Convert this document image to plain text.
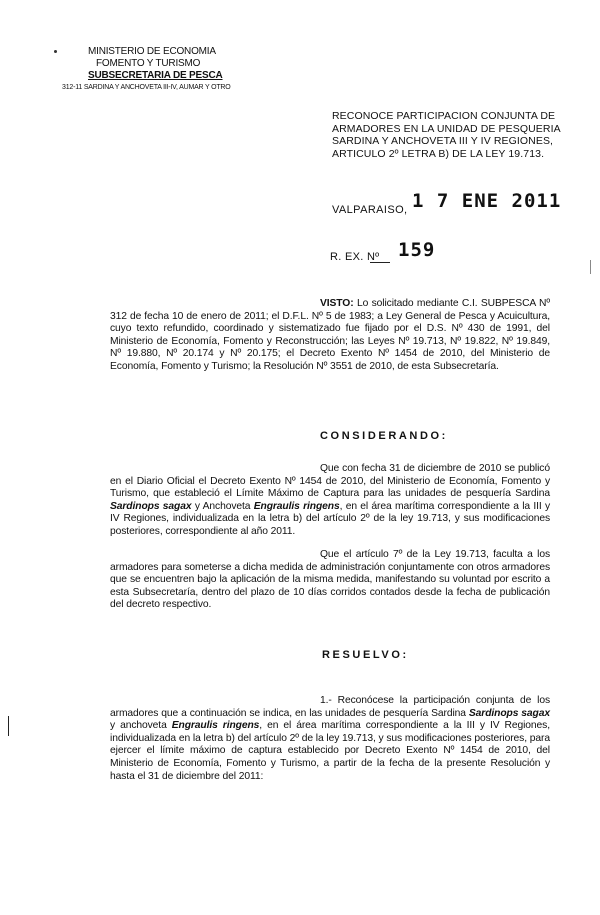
MINISTERIO DE ECONOMIA
FOMENTO Y TURISMO
SUBSECRETARIA DE PESCA
312-11 SARDINA Y ANCHOVETA III-IV, AUMAR Y OTRO
RECONOCE PARTICIPACION CONJUNTA DE
ARMADORES EN LA UNIDAD DE PESQUERIA
SARDINA Y ANCHOVETA III Y IV REGIONES,
ARTICULO 2º LETRA B) DE LA LEY 19.713.
VALPARAISO, 1 7 ENE 2011
R. EX. Nº 159

VISTO: Lo solicitado mediante C.I. SUBPESCA Nº 312 de fecha 10 de enero de 2011; el D.F.L. Nº 5 de 1983; a Ley General de Pesca y Acuicultura, cuyo texto refundido, coordinado y sistematizado fue fijado por el D.S. Nº 430 de 1991, del Ministerio de Economía, Fomento y Reconstrucción; las Leyes Nº 19.713, Nº 19.822, Nº 19.849, Nº 19.880, Nº 20.174 y Nº 20.175; el Decreto Exento Nº 1454 de 2010, del Ministerio de Economía, Fomento y Turismo; la Resolución Nº 3551 de 2010, de esta Subsecretaría.

CONSIDERANDO:

Que con fecha 31 de diciembre de 2010 se publicó en el Diario Oficial el Decreto Exento Nº 1454 de 2010, del Ministerio de Economía, Fomento y Turismo, que estableció el Límite Máximo de Captura para las unidades de pesquería Sardina Sardinops sagax y Anchoveta Engraulis ringens, en el área marítima correspondiente a la III y IV Regiones, individualizada en la letra b) del artículo 2º de la ley 19.713, y sus modificaciones posteriores, correspondiente al año 2011.

Que el artículo 7º de la Ley 19.713, faculta a los armadores para someterse a dicha medida de administración conjuntamente con otros armadores que se encuentren bajo la aplicación de la misma medida, manifestando su voluntad por escrito a esta Subsecretaría, dentro del plazo de 10 días corridos contados desde la fecha de publicación del decreto respectivo.

RESUELVO:

1.- Reconócese la participación conjunta de los armadores que a continuación se indica, en las unidades de pesquería Sardina Sardinops sagax y anchoveta Engraulis ringens, en el área marítima correspondiente a la III y IV Regiones, individualizada en la letra b) del artículo 2º de la ley 19.713, y sus modificaciones posteriores, para ejercer el límite máximo de captura establecido por Decreto Exento Nº 1454 de 2010, del Ministerio de Economía, Fomento y Turismo, a partir de la fecha de la presente Resolución y hasta el 31 de diciembre del 2011:
